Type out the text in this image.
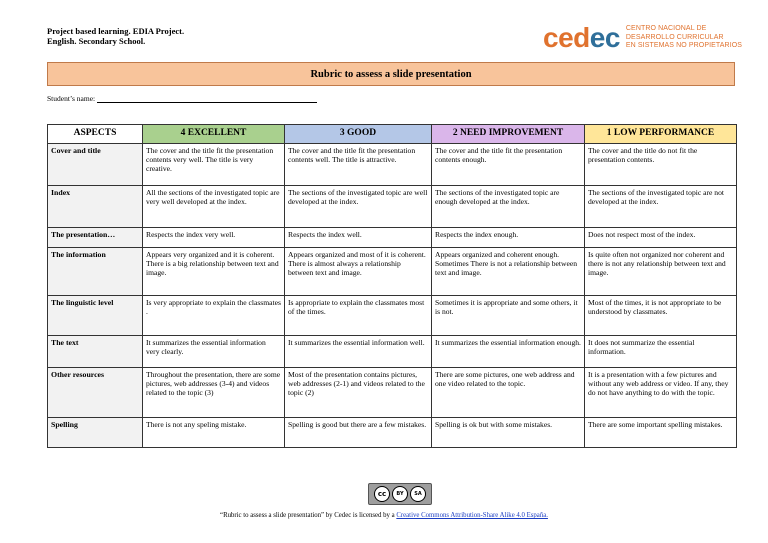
Project based learning. EDIA Project.
English. Secondary School.	cedec CENTRO NACIONAL DE
DESARROLLO CURRICULAR
EN SISTEMAS NO PROPIETARIOS
Rubric to assess a slide presentation
Student’s name:
ASPECTS	4 EXCELLENT	3 GOOD	2 NEED IMPROVEMENT	1 LOW PERFORMANCE
Cover and title	The cover and the title fit the presentation contents very well. The title is very creative.	The cover and the title fit the presentation contents well. The title is attractive.	The cover and the title fit the presentation contents enough.	The cover and the title do not fit the presentation contents.
Index	All the sections of the investigated topic are very well developed at the index.	The sections of the investigated topic are well developed at the index.	The sections of the investigated topic are enough developed at the index.	The sections of the investigated topic are not developed at the index.
The presentation…	Respects the index very well.	Respects the index well.	Respects the index enough.	Does not respect most of the index.
The information	Appears very organized and it is coherent. There is a big relationship between text and image.	Appears organized and most of it is coherent. There is almost always a relationship between text and image.	Appears organized and coherent enough. Sometimes There is not a relationship between text and image.	Is quite often not organized nor coherent and there is not any relationship between text and image.
The linguistic level	Is very appropriate to explain the classmates .	Is appropriate to explain the classmates most of the times.	Sometimes it is appropriate and some others, it is not.	Most of the times, it is not appropriate to be understood by classmates.
The text	It summarizes the essential information very clearly.	It summarizes the essential information well.	It summarizes the essential information enough.	It does not summarize the essential information.
Other resources	Throughout the presentation, there are some pictures, web addresses (3-4) and videos related to the topic (3)	Most of the presentation contains pictures, web addresses (2-1) and videos related to the topic (2)	There are some pictures, one web address and one video related to the topic.	It is a presentation with a few pictures and without any web address or video. If any, they do not have anything to do with the topic.
Spelling	There is not any speling mistake.	Spelling is good but there are a few mistakes.	Spelling is ok but with some mistakes.	There are some important spelling mistakes.
cc	BY SA
“Rubric to assess a slide presentation” by Cedec is licensed by a Creative Commons Attribution-Share Alike 4.0 España.
